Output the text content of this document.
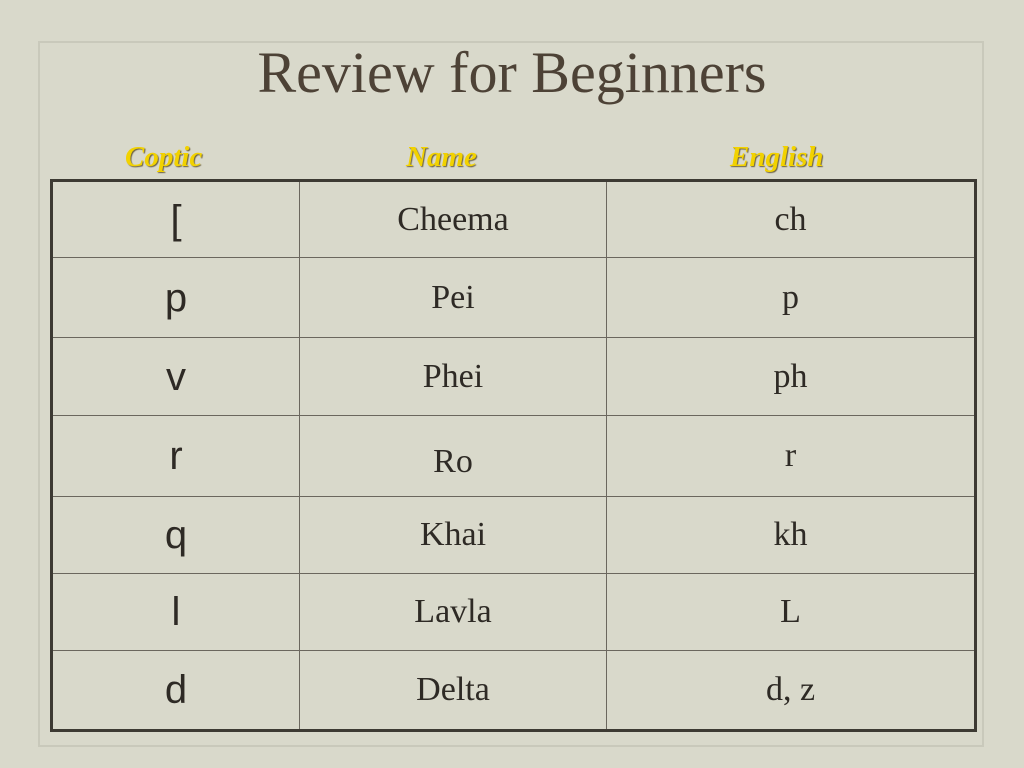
Review for Beginners
Coptic	Name	English
[	Cheema	ch
p	Pei	p
v	Phei	ph
r	Ro	r
q	Khai	kh
l	Lavla	L
d	Delta	d, z
